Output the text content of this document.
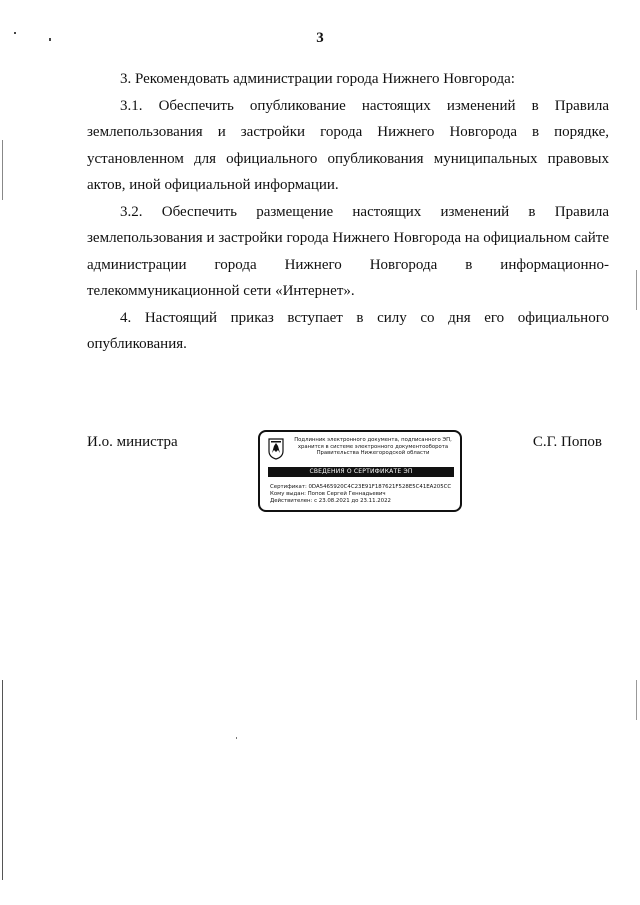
3
3. Рекомендовать администрации города Нижнего Новгорода:
3.1. Обеспечить опубликование настоящих изменений в Правила
землепользования и застройки города Нижнего Новгорода в порядке,
установленном для официального опубликования муниципальных правовых
актов, иной официальной информации.
3.2. Обеспечить размещение настоящих изменений в Правила
землепользования и застройки города Нижнего Новгорода на официальном сайте
администрации города Нижнего Новгорода в информационно-
телекоммуникационной сети «Интернет».
4. Настоящий приказ вступает в силу со дня его официального
опубликования.
И.о. министра	С.Г. Попов
Подлинник электронного документа, подписанного ЭП,
хранится в системе электронного документооборота
Правительства Нижегородской области
СВЕДЕНИЯ О СЕРТИФИКАТЕ ЭП
Сертификат: 0DA5465920C4C23E91F187621F528E5C41EA205CC
Кому выдан: Попов Сергей Геннадьевич
Действителен: с 23.08.2021 до 23.11.2022
